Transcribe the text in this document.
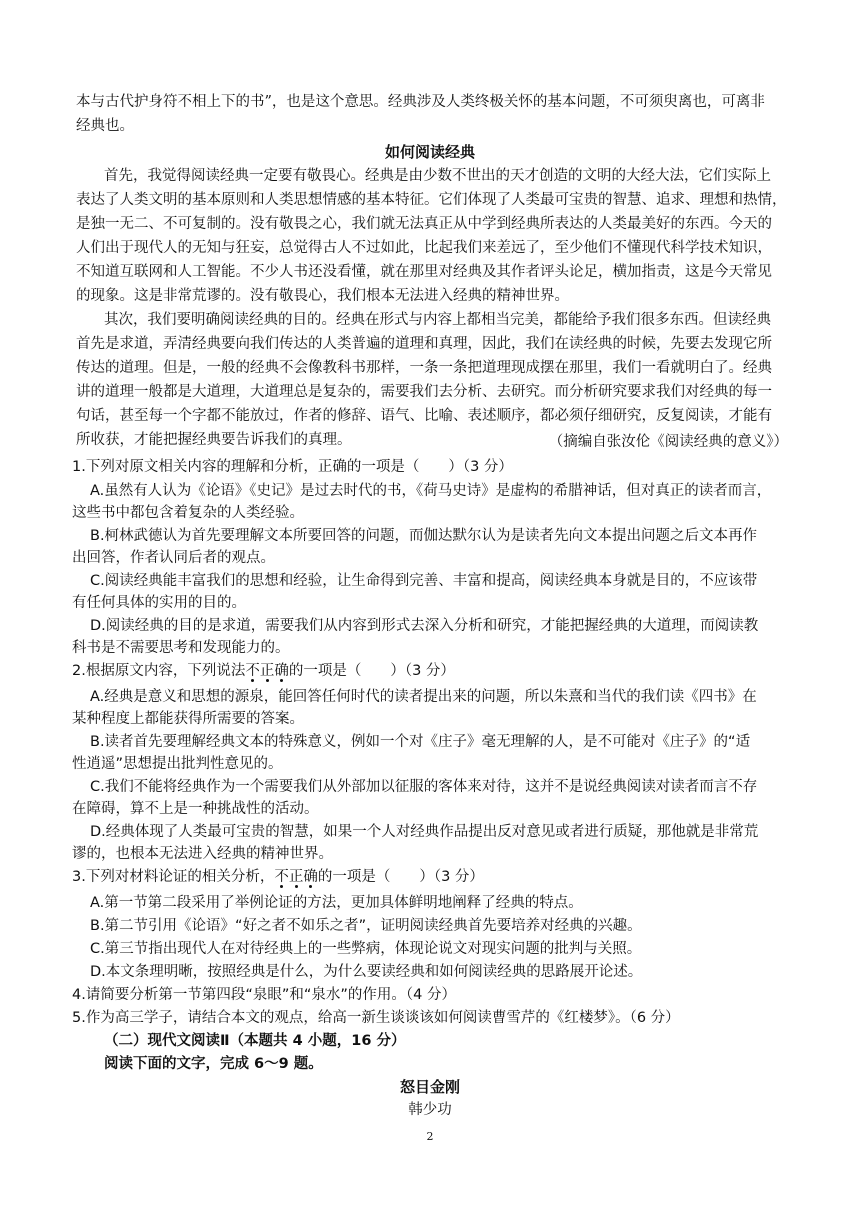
本与古代护身符不相上下的书”，也是这个意思。经典涉及人类终极关怀的基本问题，不可须臾离也，可离非
经典也。
如何阅读经典
首先，我觉得阅读经典一定要有敬畏心。经典是由少数不世出的天才创造的文明的大经大法，它们实际上
表达了人类文明的基本原则和人类思想情感的基本特征。它们体现了人类最可宝贵的智慧、追求、理想和热情，
是独一无二、不可复制的。没有敬畏之心，我们就无法真正从中学到经典所表达的人类最美好的东西。今天的
人们出于现代人的无知与狂妄，总觉得古人不过如此，比起我们来差远了，至少他们不懂现代科学技术知识，
不知道互联网和人工智能。不少人书还没看懂，就在那里对经典及其作者评头论足，横加指责，这是今天常见
的现象。这是非常荒谬的。没有敬畏心，我们根本无法进入经典的精神世界。
其次，我们要明确阅读经典的目的。经典在形式与内容上都相当完美，都能给予我们很多东西。但读经典
首先是求道，弄清经典要向我们传达的人类普遍的道理和真理，因此，我们在读经典的时候，先要去发现它所
传达的道理。但是，一般的经典不会像教科书那样，一条一条把道理现成摆在那里，我们一看就明白了。经典
讲的道理一般都是大道理，大道理总是复杂的，需要我们去分析、去研究。而分析研究要求我们对经典的每一
句话，甚至每一个字都不能放过，作者的修辞、语气、比喻、表述顺序，都必须仔细研究，反复阅读，才能有
所收获，才能把握经典要告诉我们的真理。	（摘编自张汝伦《阅读经典的意义》）
1.下列对原文相关内容的理解和分析，正确的一项是（　　）（3 分）
A.虽然有人认为《论语》《史记》是过去时代的书，《荷马史诗》是虚构的希腊神话，但对真正的读者而言，
这些书中都包含着复杂的人类经验。
B.柯林武德认为首先要理解文本所要回答的问题，而伽达默尔认为是读者先向文本提出问题之后文本再作
出回答，作者认同后者的观点。
C.阅读经典能丰富我们的思想和经验，让生命得到完善、丰富和提高，阅读经典本身就是目的，不应该带
有任何具体的实用的目的。
D.阅读经典的目的是求道，需要我们从内容到形式去深入分析和研究，才能把握经典的大道理，而阅读教
科书是不需要思考和发现能力的。
2.根据原文内容，下列说法不正确的一项是（　　）（3 分）
A.经典是意义和思想的源泉，能回答任何时代的读者提出来的问题，所以朱熹和当代的我们读《四书》在
某种程度上都能获得所需要的答案。
B.读者首先要理解经典文本的特殊意义，例如一个对《庄子》毫无理解的人，是不可能对《庄子》的“适
性逍遥”思想提出批判性意见的。
C.我们不能将经典作为一个需要我们从外部加以征服的客体来对待，这并不是说经典阅读对读者而言不存
在障碍，算不上是一种挑战性的活动。
D.经典体现了人类最可宝贵的智慧，如果一个人对经典作品提出反对意见或者进行质疑，那他就是非常荒
谬的，也根本无法进入经典的精神世界。
3.下列对材料论证的相关分析，不正确的一项是（　　）（3 分）
A.第一节第二段采用了举例论证的方法，更加具体鲜明地阐释了经典的特点。
B.第二节引用《论语》“好之者不如乐之者”，证明阅读经典首先要培养对经典的兴趣。
C.第三节指出现代人在对待经典上的一些弊病，体现论说文对现实问题的批判与关照。
D.本文条理明晰，按照经典是什么，为什么要读经典和如何阅读经典的思路展开论述。
4.请简要分析第一节第四段“泉眼”和“泉水”的作用。（4 分）
5.作为高三学子，请结合本文的观点，给高一新生谈谈该如何阅读曹雪芹的《红楼梦》。（6 分）
（二）现代文阅读Ⅱ（本题共 4 小题，16 分）
阅读下面的文字，完成 6～9 题。
怒目金刚
韩少功
2
